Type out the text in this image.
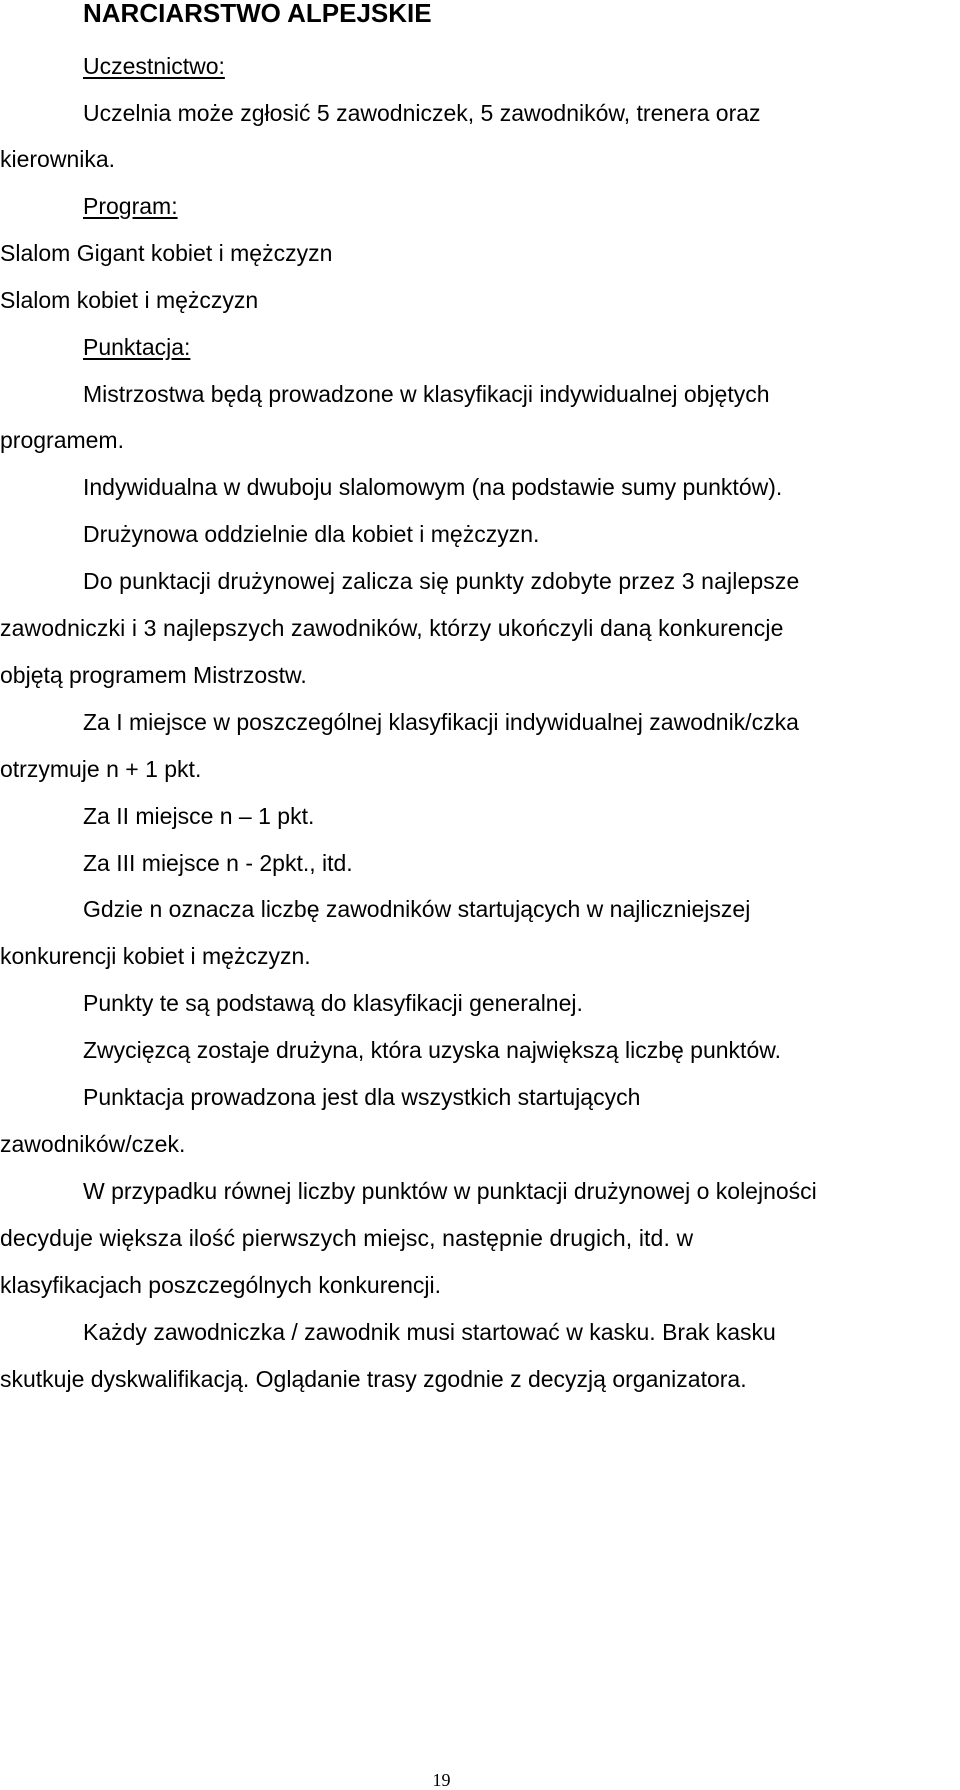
NARCIARSTWO ALPEJSKIE

Uczestnictwo:

Uczelnia może zgłosić 5 zawodniczek, 5 zawodników, trenera oraz

kierownika.

Program:

Slalom Gigant kobiet i mężczyzn

Slalom kobiet i mężczyzn

Punktacja:

Mistrzostwa będą prowadzone w klasyfikacji indywidualnej objętych

programem.

Indywidualna w dwuboju slalomowym (na podstawie sumy punktów).

Drużynowa oddzielnie dla kobiet i mężczyzn.

Do punktacji drużynowej zalicza się punkty zdobyte przez 3 najlepsze

zawodniczki i 3 najlepszych zawodników, którzy ukończyli daną konkurencje

objętą programem Mistrzostw.

Za I miejsce w poszczególnej klasyfikacji indywidualnej zawodnik/czka

otrzymuje n + 1 pkt.

Za II miejsce n – 1 pkt.

Za III miejsce n - 2pkt., itd.

Gdzie n oznacza liczbę zawodników startujących w najliczniejszej

konkurencji kobiet i mężczyzn.

Punkty te są podstawą do klasyfikacji generalnej.

Zwycięzcą zostaje drużyna, która uzyska największą liczbę punktów.

Punktacja prowadzona jest dla wszystkich startujących

zawodników/czek.

W przypadku równej liczby punktów w punktacji drużynowej o kolejności

decyduje większa ilość pierwszych miejsc, następnie drugich, itd. w

klasyfikacjach poszczególnych konkurencji.

Każdy zawodniczka / zawodnik musi startować w kasku. Brak kasku

skutkuje dyskwalifikacją. Oglądanie trasy zgodnie z decyzją organizatora.

19
